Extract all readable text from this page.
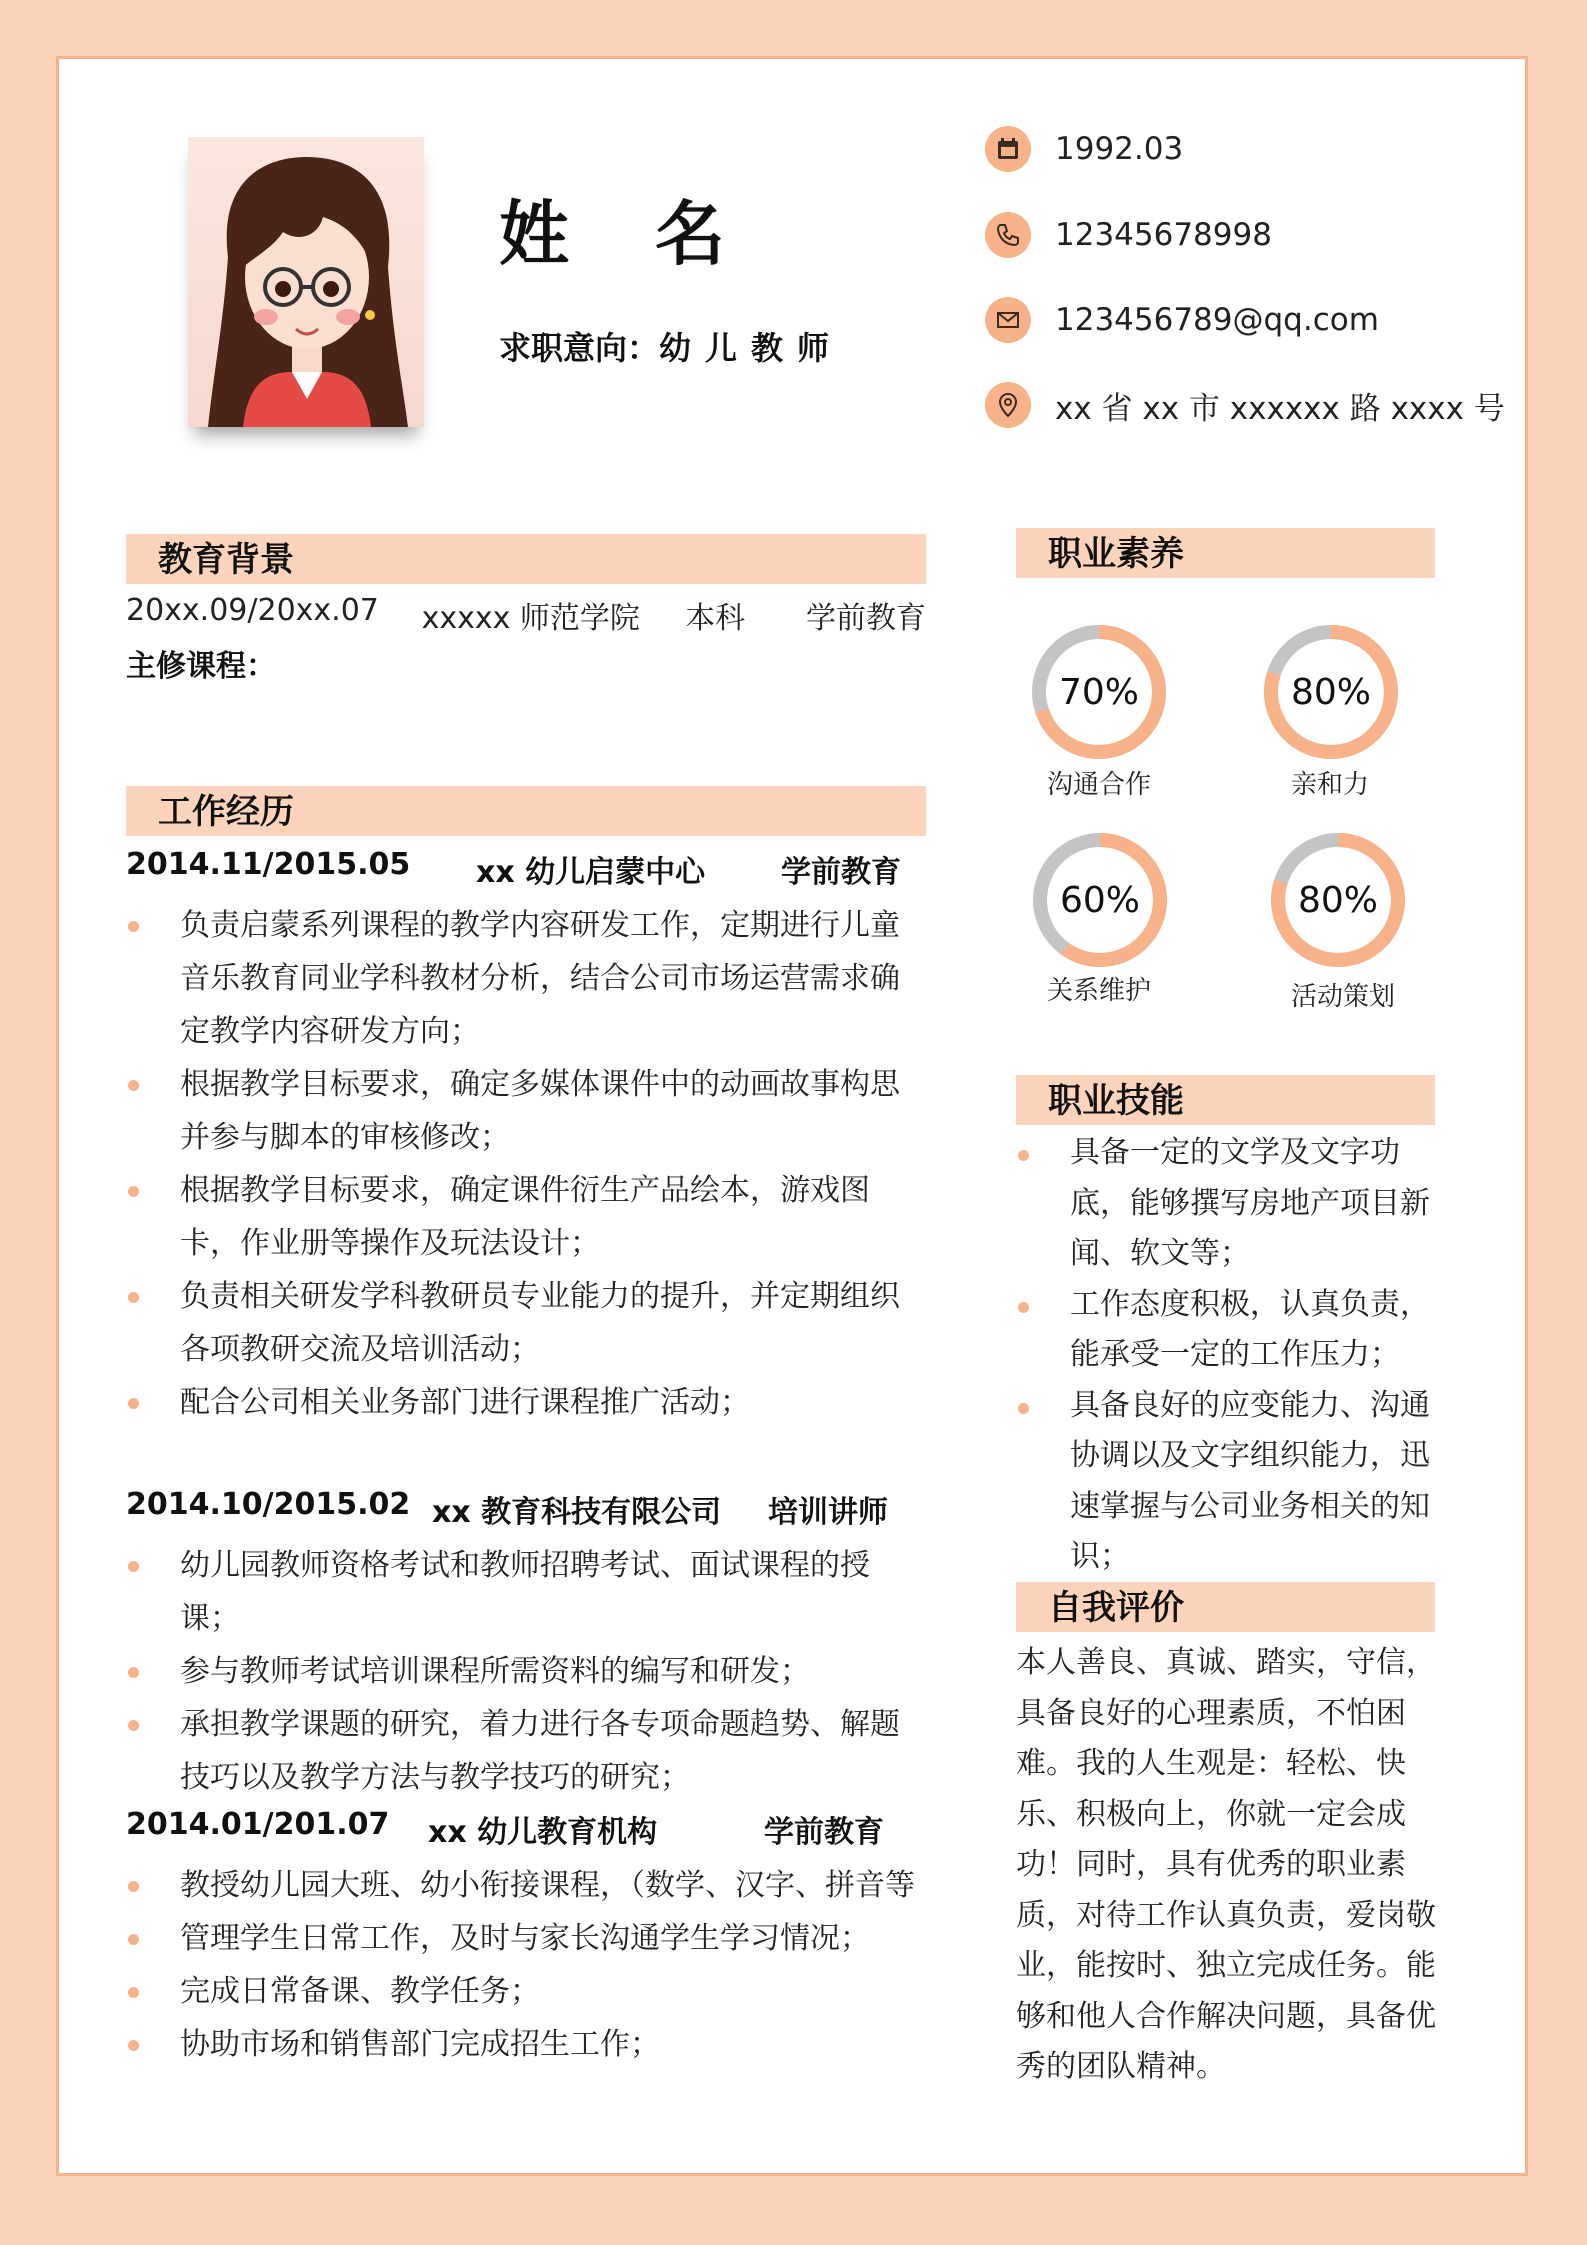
姓名
求职意向：幼儿教师
1992.03
12345678998
123456789@qq.com
xx 省 xx 市 xxxxxx 路 xxxx 号
教育背景
20xx.09/20xx.07	xxxxx 师范学院	本科	学前教育
主修课程：
工作经历
2014.11/2015.05	xx 幼儿启蒙中心	学前教育
负责启蒙系列课程的教学内容研发工作，定期进行儿童音乐教育同业学科教材分析，结合公司市场运营需求确定教学内容研发方向；
根据教学目标要求，确定多媒体课件中的动画故事构思并参与脚本的审核修改；
根据教学目标要求，确定课件衍生产品绘本，游戏图卡，作业册等操作及玩法设计；
负责相关研发学科教研员专业能力的提升，并定期组织各项教研交流及培训活动；
配合公司相关业务部门进行课程推广活动；
2014.10/2015.02 xx 教育科技有限公司	培训讲师
幼儿园教师资格考试和教师招聘考试、面试课程的授课；
参与教师考试培训课程所需资料的编写和研发；
承担教学课题的研究，着力进行各专项命题趋势、解题技巧以及教学方法与教学技巧的研究；
2014.01/201.07	xx 幼儿教育机构	学前教育
教授幼儿园大班、幼小衔接课程，（数学、汉字、拼音等
管理学生日常工作，及时与家长沟通学生学习情况；
完成日常备课、教学任务；
协助市场和销售部门完成招生工作；
职业素养
70%
沟通合作
80%
亲和力
60%
关系维护
80%
活动策划
职业技能
具备一定的文学及文字功底，能够撰写房地产项目新闻、软文等；
工作态度积极，认真负责，能承受一定的工作压力；
具备良好的应变能力、沟通协调以及文字组织能力，迅速掌握与公司业务相关的知识；
自我评价
本人善良、真诚、踏实，守信，具备良好的心理素质，不怕困难。我的人生观是：轻松、快乐、积极向上，你就一定会成功！同时，具有优秀的职业素质，对待工作认真负责，爱岗敬业，能按时、独立完成任务。能够和他人合作解决问题，具备优秀的团队精神。
